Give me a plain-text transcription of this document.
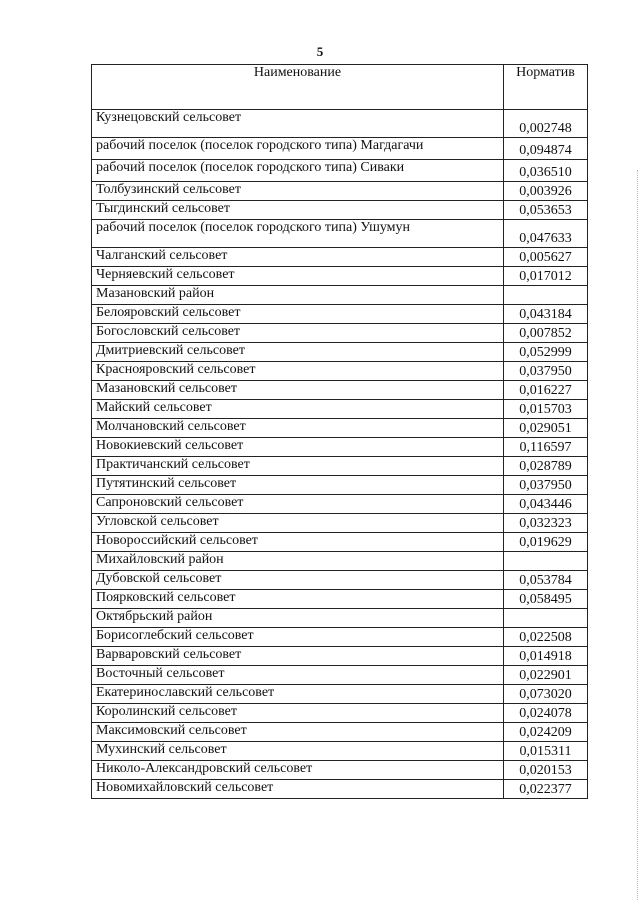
5
Наименование	Норматив
Кузнецовский сельсовет	0,002748
рабочий поселок (поселок городского типа) Магдагачи	0,094874
рабочий поселок (поселок городского типа) Сиваки	0,036510
Толбузинский сельсовет	0,003926
Тыгдинский сельсовет	0,053653
рабочий поселок (поселок городского типа) Ушумун	0,047633
Чалганский сельсовет	0,005627
Черняевский сельсовет	0,017012
Мазановский район	
Белояровский сельсовет	0,043184
Богословский сельсовет	0,007852
Дмитриевский сельсовет	0,052999
Краснояровский сельсовет	0,037950
Мазановский сельсовет	0,016227
Майский сельсовет	0,015703
Молчановский сельсовет	0,029051
Новокиевский сельсовет	0,116597
Практичанский сельсовет	0,028789
Путятинский сельсовет	0,037950
Сапроновский сельсовет	0,043446
Угловской сельсовет	0,032323
Новороссийский сельсовет	0,019629
Михайловский район	
Дубовской сельсовет	0,053784
Поярковский сельсовет	0,058495
Октябрьский район	
Борисоглебский сельсовет	0,022508
Варваровский сельсовет	0,014918
Восточный сельсовет	0,022901
Екатеринославский сельсовет	0,073020
Королинский сельсовет	0,024078
Максимовский сельсовет	0,024209
Мухинский сельсовет	0,015311
Николо-Александровский сельсовет	0,020153
Новомихайловский сельсовет	0,022377
